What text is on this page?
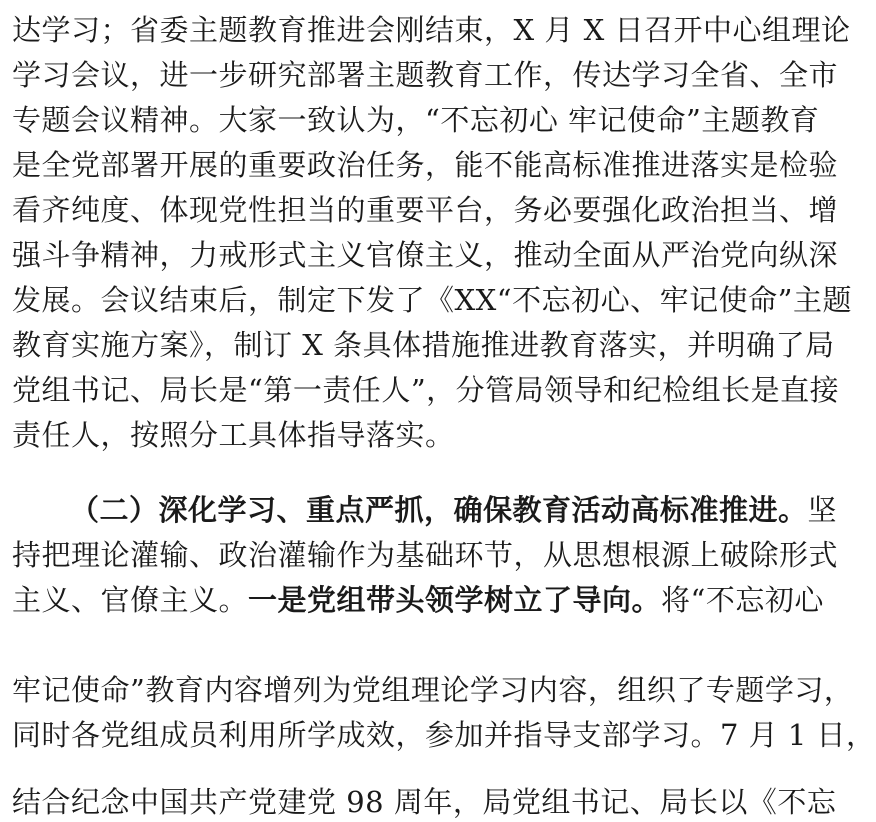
达学习；省委主题教育推进会刚结束，X 月 X 日召开中心组理论
学习会议，进一步研究部署主题教育工作，传达学习全省、全市
专题会议精神。大家一致认为，“不忘初心 牢记使命”主题教育
是全党部署开展的重要政治任务，能不能高标准推进落实是检验
看齐纯度、体现党性担当的重要平台，务必要强化政治担当、增
强斗争精神，力戒形式主义官僚主义，推动全面从严治党向纵深
发展。会议结束后，制定下发了《XX“不忘初心、牢记使命”主题
教育实施方案》，制订 X 条具体措施推进教育落实，并明确了局
党组书记、局长是“第一责任人”，分管局领导和纪检组长是直接
责任人，按照分工具体指导落实。
（二）深化学习、重点严抓，确保教育活动高标准推进。坚
持把理论灌输、政治灌输作为基础环节，从思想根源上破除形式
主义、官僚主义。一是党组带头领学树立了导向。将“不忘初心
牢记使命”教育内容增列为党组理论学习内容，组织了专题学习，
同时各党组成员利用所学成效，参加并指导支部学习。7 月 1 日，
结合纪念中国共产党建党 98 周年，局党组书记、局长以《不忘
